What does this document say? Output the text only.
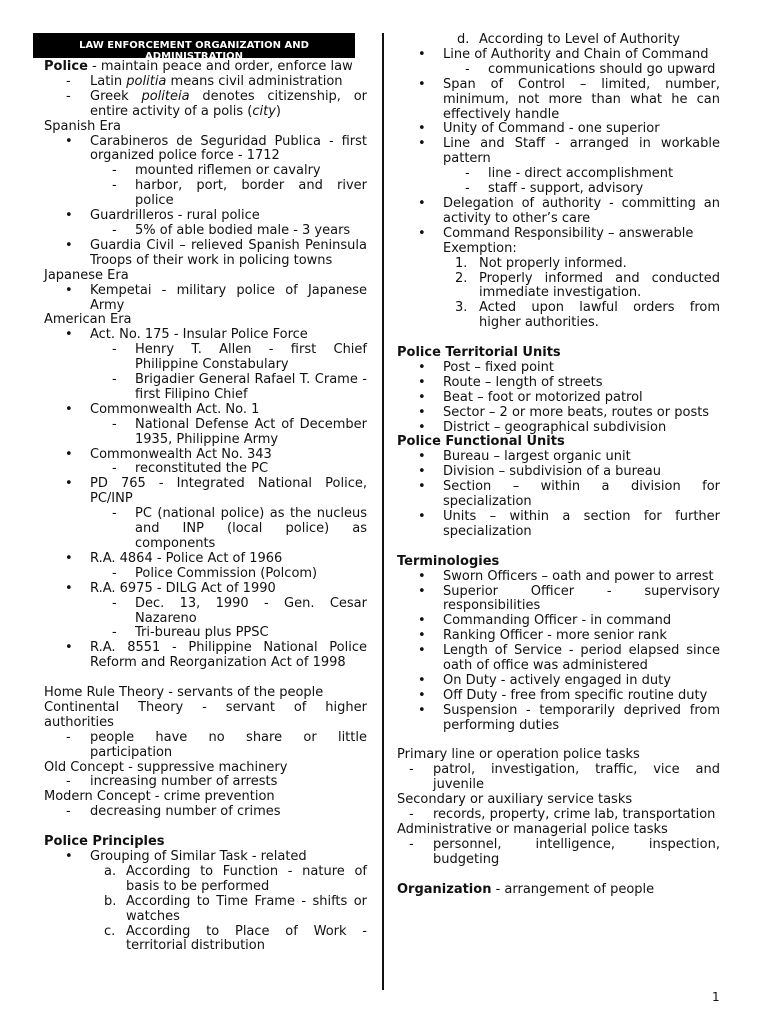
LAW ENFORCEMENT ORGANIZATION AND ADMINISTRATION

Police - maintain peace and order, enforce law

-	Latin politia means civil administration
-	Greek politeia denotes citizenship, or entire activity of a polis (city)

Spanish Era

•	Carabineros de Seguridad Publica - first organized police force - 1712
-	mounted riflemen or cavalry
-	harbor, port, border and river police
•	Guardrilleros - rural police
-	5% of able bodied male - 3 years
•	Guardia Civil – relieved Spanish Peninsula Troops of their work in policing towns

Japanese Era

•	Kempetai - military police of Japanese Army

American Era

•	Act. No. 175 - Insular Police Force
-	Henry T. Allen - first Chief Philippine Constabulary
-	Brigadier General Rafael T. Crame - first Filipino Chief
•	Commonwealth Act. No. 1
-	National Defense Act of December 1935, Philippine Army
•	Commonwealth Act No. 343
-	reconstituted the PC
•	PD 765 - Integrated National Police, PC/INP
-	PC (national police) as the nucleus and INP (local police) as components
•	R.A. 4864 - Police Act of 1966
-	Police Commission (Polcom)
•	R.A. 6975 - DILG Act of 1990
-	Dec. 13, 1990 - Gen. Cesar Nazareno
-	Tri-bureau plus PPSC
•	R.A. 8551 - Philippine National Police Reform and Reorganization Act of 1998

Home Rule Theory - servants of the people

Continental Theory - servant of higher authorities

-	people have no share or little participation

Old Concept - suppressive machinery

-	increasing number of arrests

Modern Concept - crime prevention

-	decreasing number of crimes

Police Principles

•	Grouping of Similar Task - related
a. According to Function - nature of basis to be performed
b. According to Time Frame - shifts or watches
c. According to Place of Work - territorial distribution
d. According to Level of Authority
•	Line of Authority and Chain of Command
-	communications should go upward
•	Span of Control – limited, number, minimum, not more than what he can effectively handle
•	Unity of Command - one superior
•	Line and Staff - arranged in workable pattern
-	line - direct accomplishment
-	staff - support, advisory
•	Delegation of authority - committing an activity to other’s care
•	Command Responsibility – answerable

Exemption:

1. Not properly informed.
2. Properly informed and conducted immediate investigation.
3. Acted upon lawful orders from higher authorities.

Police Territorial Units

•	Post – fixed point
•	Route – length of streets
•	Beat – foot or motorized patrol
•	Sector – 2 or more beats, routes or posts
•	District – geographical subdivision

Police Functional Units

•	Bureau – largest organic unit
•	Division – subdivision of a bureau
•	Section – within a division for specialization
•	Units – within a section for further specialization

Terminologies

•	Sworn Officers – oath and power to arrest
•	Superior Officer - supervisory responsibilities
•	Commanding Officer - in command
•	Ranking Officer - more senior rank
•	Length of Service - period elapsed since oath of office was administered
•	On Duty - actively engaged in duty
•	Off Duty - free from specific routine duty
•	Suspension - temporarily deprived from performing duties

Primary line or operation police tasks

-	patrol, investigation, traffic, vice and juvenile

Secondary or auxiliary service tasks

-	records, property, crime lab, transportation

Administrative or managerial police tasks

-	personnel, intelligence, inspection, budgeting

Organization - arrangement of people

1
